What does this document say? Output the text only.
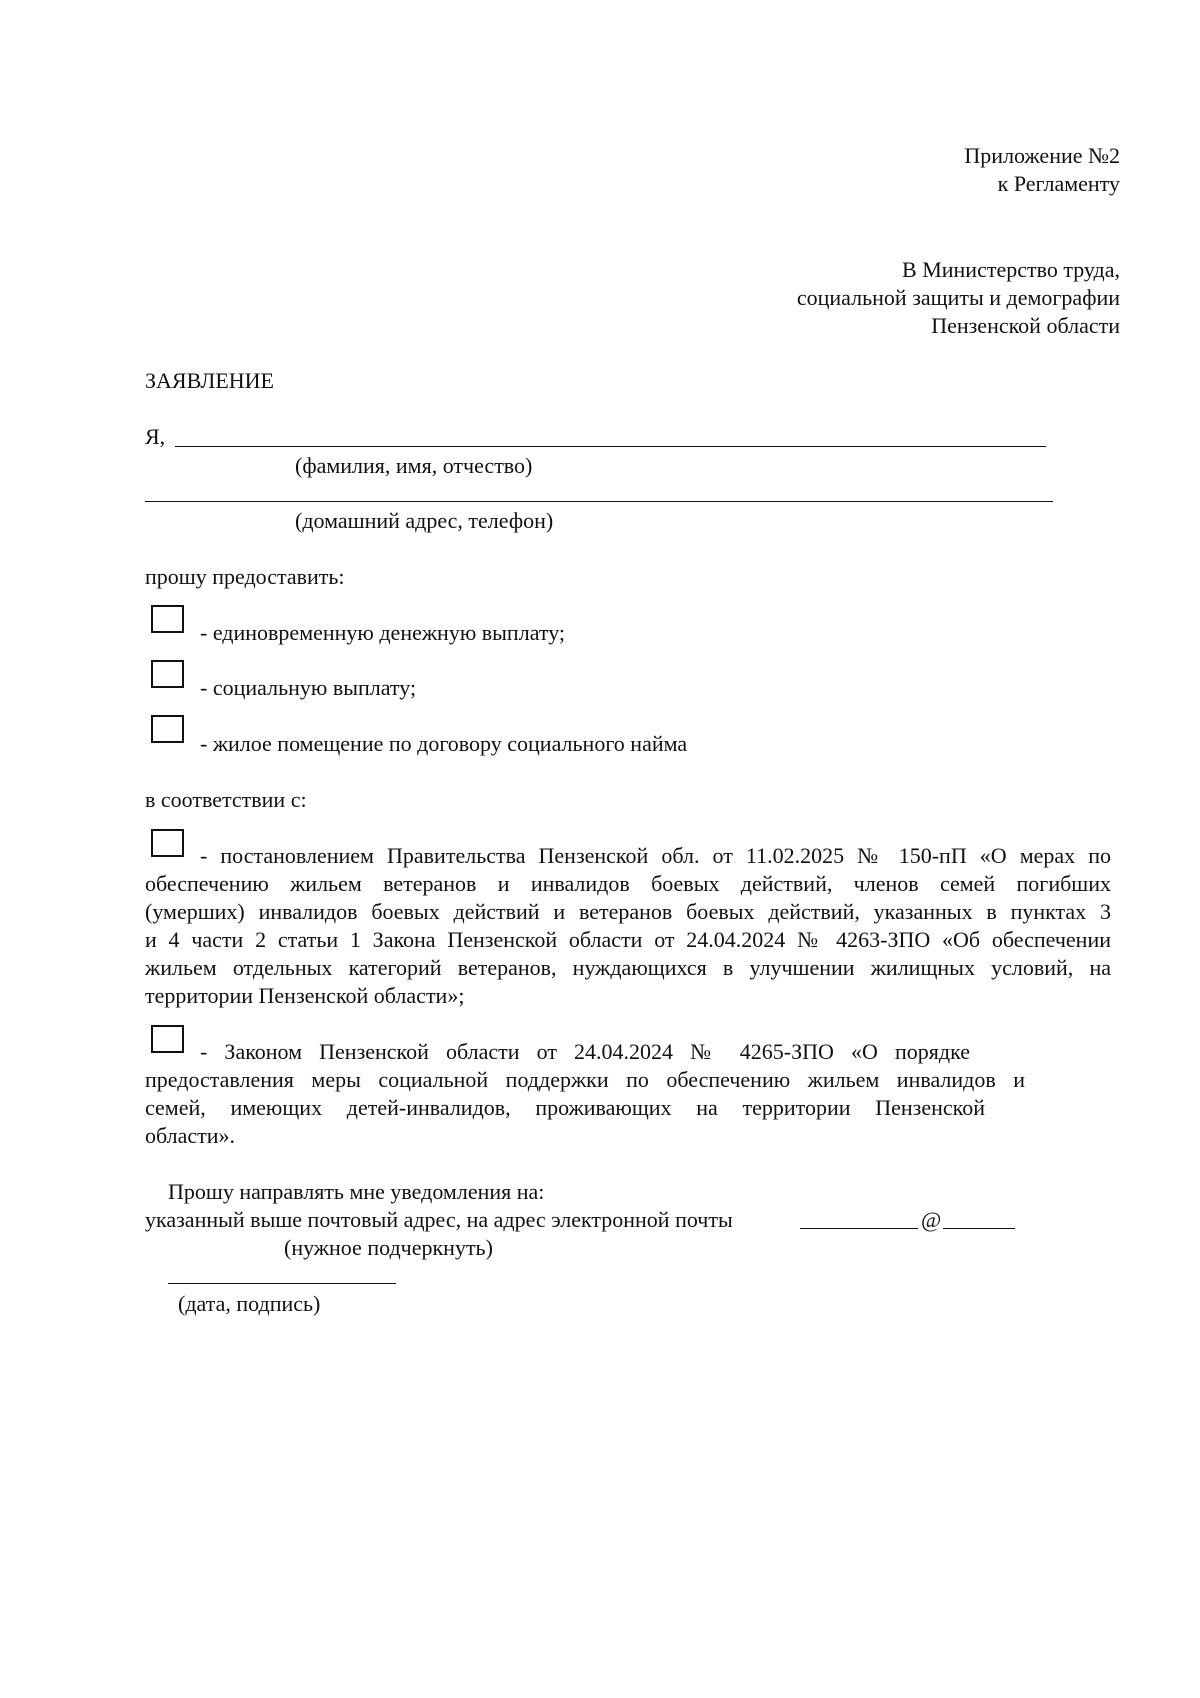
Приложение №2
к Регламенту
В Министерство труда,
социальной защиты и демографии
Пензенской области
ЗАЯВЛЕНИЕ
Я,
(фамилия, имя, отчество)
(домашний адрес, телефон)
прошу предоставить:
- единовременную денежную выплату;
- социальную выплату;
- жилое помещение по договору социального найма
в соответствии с:
- постановлением Правительства Пензенской обл. от 11.02.2025 № 150-пП «О мерах по
обеспечению жильем ветеранов и инвалидов боевых действий, членов семей погибших
(умерших) инвалидов боевых действий и ветеранов боевых действий, указанных в пунктах 3
и 4 части 2 статьи 1 Закона Пензенской области от 24.04.2024 № 4263-ЗПО «Об обеспечении
жильем отдельных категорий ветеранов, нуждающихся в улучшении жилищных условий, на
территории Пензенской области»;
- Законом Пензенской области от 24.04.2024 № 4265-ЗПО «О порядке
предоставления меры социальной поддержки по обеспечению жильем инвалидов и
семей, имеющих детей-инвалидов, проживающих на территории Пензенской
области».
Прошу направлять мне уведомления на:
указанный выше почтовый адрес, на адрес электронной почты	@
(нужное подчеркнуть)
(дата, подпись)
